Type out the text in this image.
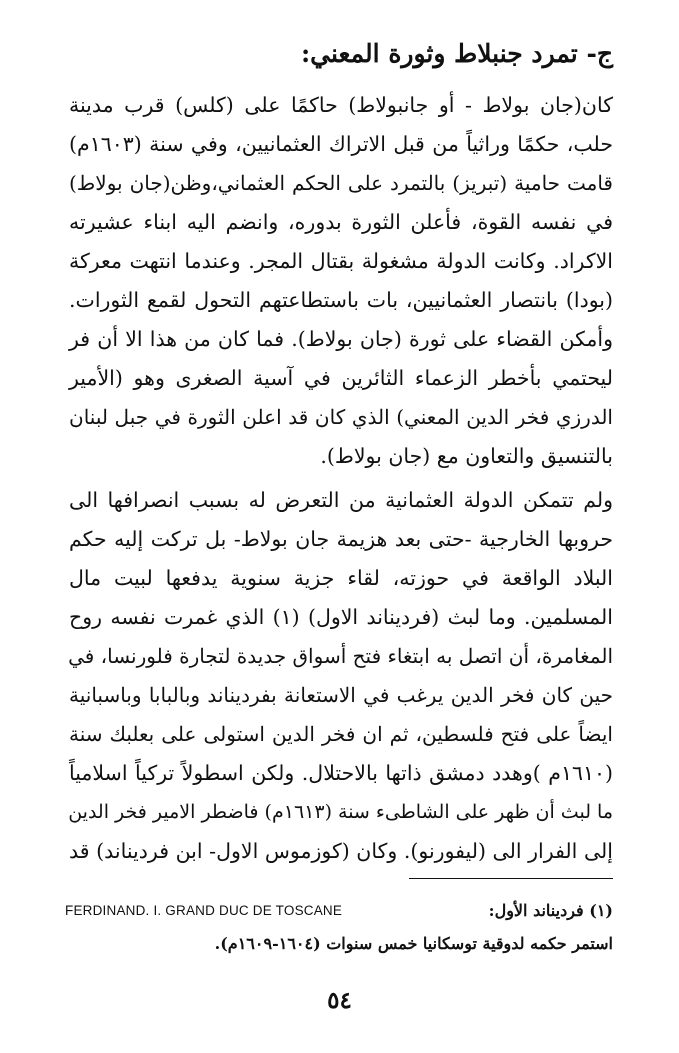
ج- تمرد جنبلاط وثورة المعني:
كان(جان بولاط - أو جانبولاط) حاكمًا على (كلس) قرب مدينة
حلب، حكمًا وراثياً من قبل الاتراك العثمانيين، وفي سنة (١٦٠٣م)
قامت حامية (تبريز) بالتمرد على الحكم العثماني،وظن(جان بولاط)
في نفسه القوة، فأعلن الثورة بدوره، وانضم اليه ابناء عشيرته
الاكراد. وكانت الدولة مشغولة بقتال المجر. وعندما انتهت معركة
(بودا) بانتصار العثمانيين، بات باستطاعتهم التحول لقمع الثورات.
وأمكن القضاء على ثورة (جان بولاط). فما كان من هذا الا أن فر
ليحتمي بأخطر الزعماء الثائرين في آسية الصغرى وهو (الأمير
الدرزي فخر الدين المعني) الذي كان قد اعلن الثورة في جبل لبنان
بالتنسيق والتعاون مع (جان بولاط).
ولم تتمكن الدولة العثمانية من التعرض له بسبب انصرافها الى
حروبها الخارجية -حتى بعد هزيمة جان بولاط- بل تركت إليه حكم
البلاد الواقعة في حوزته، لقاء جزية سنوية يدفعها لبيت مال
المسلمين. وما لبث (فرديناند الاول) (١) الذي غمرت نفسه روح
المغامرة، أن اتصل به ابتغاء فتح أسواق جديدة لتجارة فلورنسا، في
حين كان فخر الدين يرغب في الاستعانة بفرديناند وبالبابا وباسبانية
ايضاً على فتح فلسطين، ثم ان فخر الدين استولى على بعلبك سنة
(١٦١٠م )وهدد دمشق ذاتها بالاحتلال. ولكن اسطولاً تركياً اسلامياً
ما لبث أن ظهر على الشاطىء سنة (١٦١٣م) فاضطر الامير فخر الدين
إلى الفرار الى (ليفورنو). وكان (كوزموس الاول- ابن فرديناند) قد
FERDINAND. I. GRAND DUC DE TOSCANE	(١) فرديناند الأول:
استمر حكمه لدوقية توسكانيا خمس سنوات (١٦٠٤-١٦٠٩م).
٥٤
